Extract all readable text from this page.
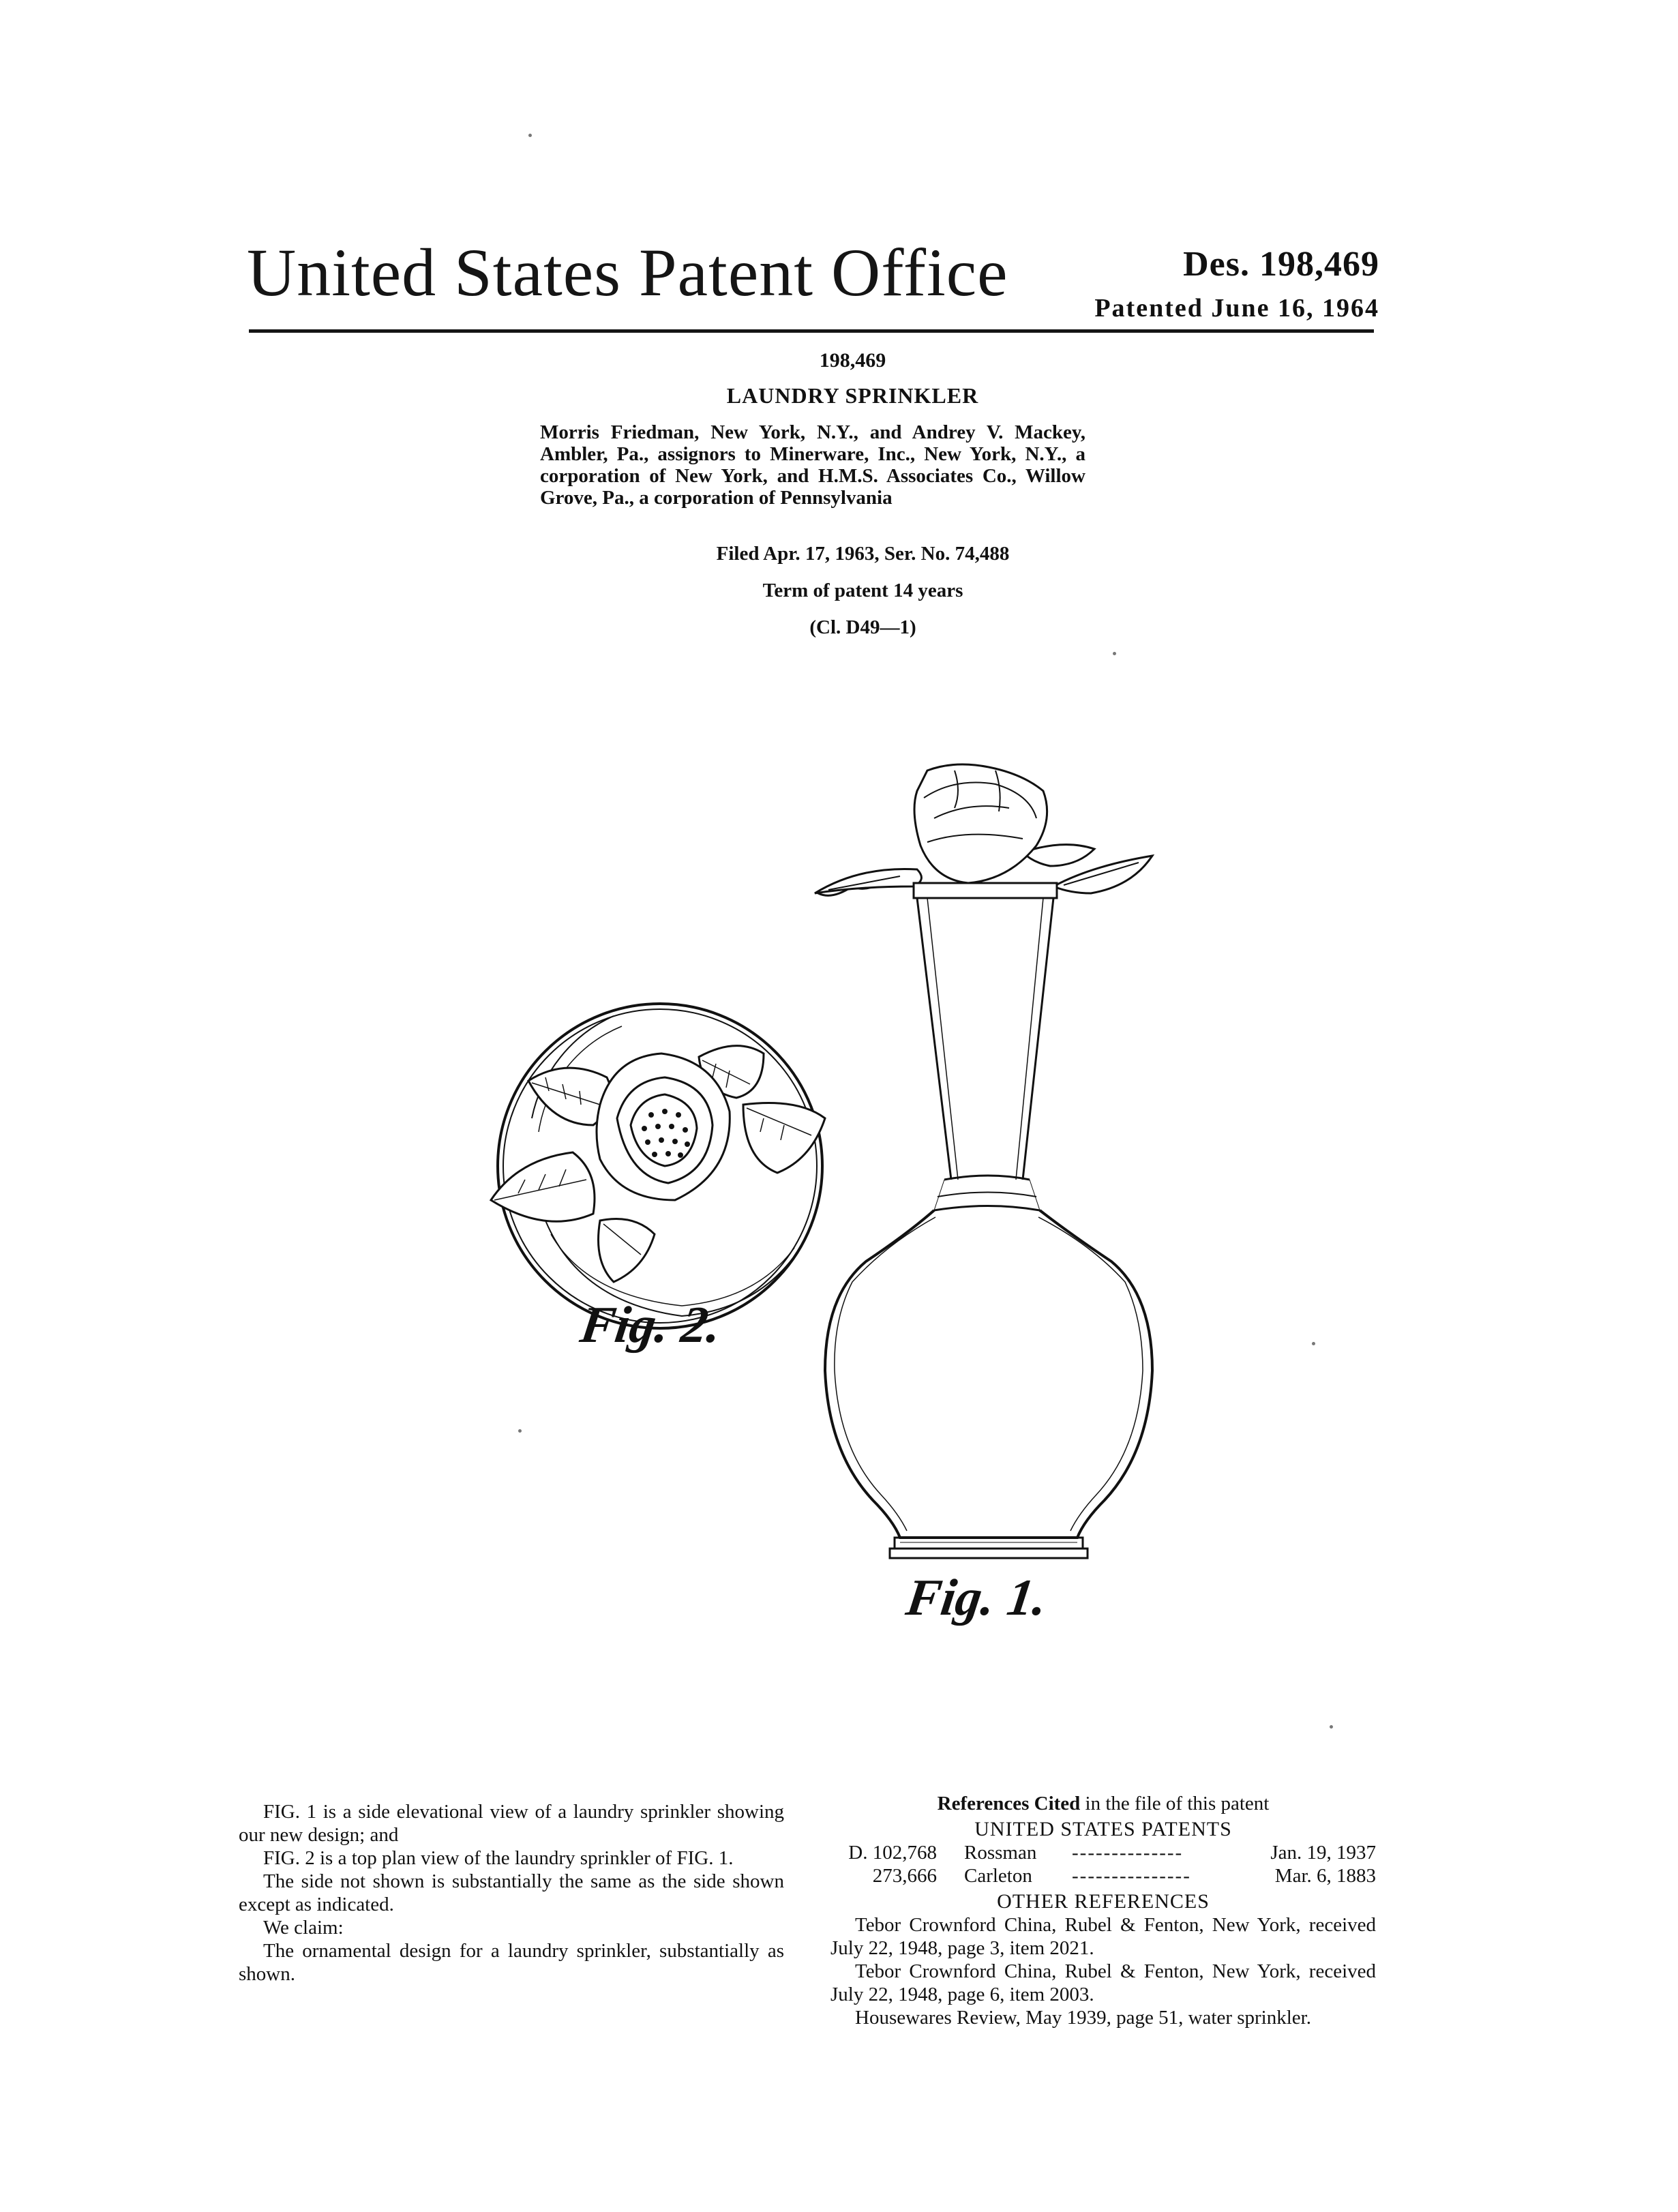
United States Patent Office	Des. 198,469
Patented June 16, 1964
198,469
LAUNDRY SPRINKLER
Morris Friedman, New York, N.Y., and Andrey V. Mackey, Ambler, Pa., assignors to Minerware, Inc., New York, N.Y., a corporation of New York, and H.M.S. Associates Co., Willow Grove, Pa., a corporation of Pennsylvania
Filed Apr. 17, 1963, Ser. No. 74,488
Term of patent 14 years
(Cl. D49—1)
Fig. 2.
Fig. 1.

FIG. 1 is a side elevational view of a laundry sprinkler showing our new design; and

FIG. 2 is a top plan view of the laundry sprinkler of FIG. 1.

The side not shown is substantially the same as the side shown except as indicated.

We claim:

The ornamental design for a laundry sprinkler, substantially as shown.

References Cited in the file of this patent
UNITED STATES PATENTS
D. 102,768	Rossman	--------------	Jan. 19, 1937
273,666	Carleton	---------------	Mar. 6, 1883
OTHER REFERENCES

Tebor Crownford China, Rubel & Fenton, New York, received July 22, 1948, page 3, item 2021.

Tebor Crownford China, Rubel & Fenton, New York, received July 22, 1948, page 6, item 2003.

Housewares Review, May 1939, page 51, water sprinkler.
